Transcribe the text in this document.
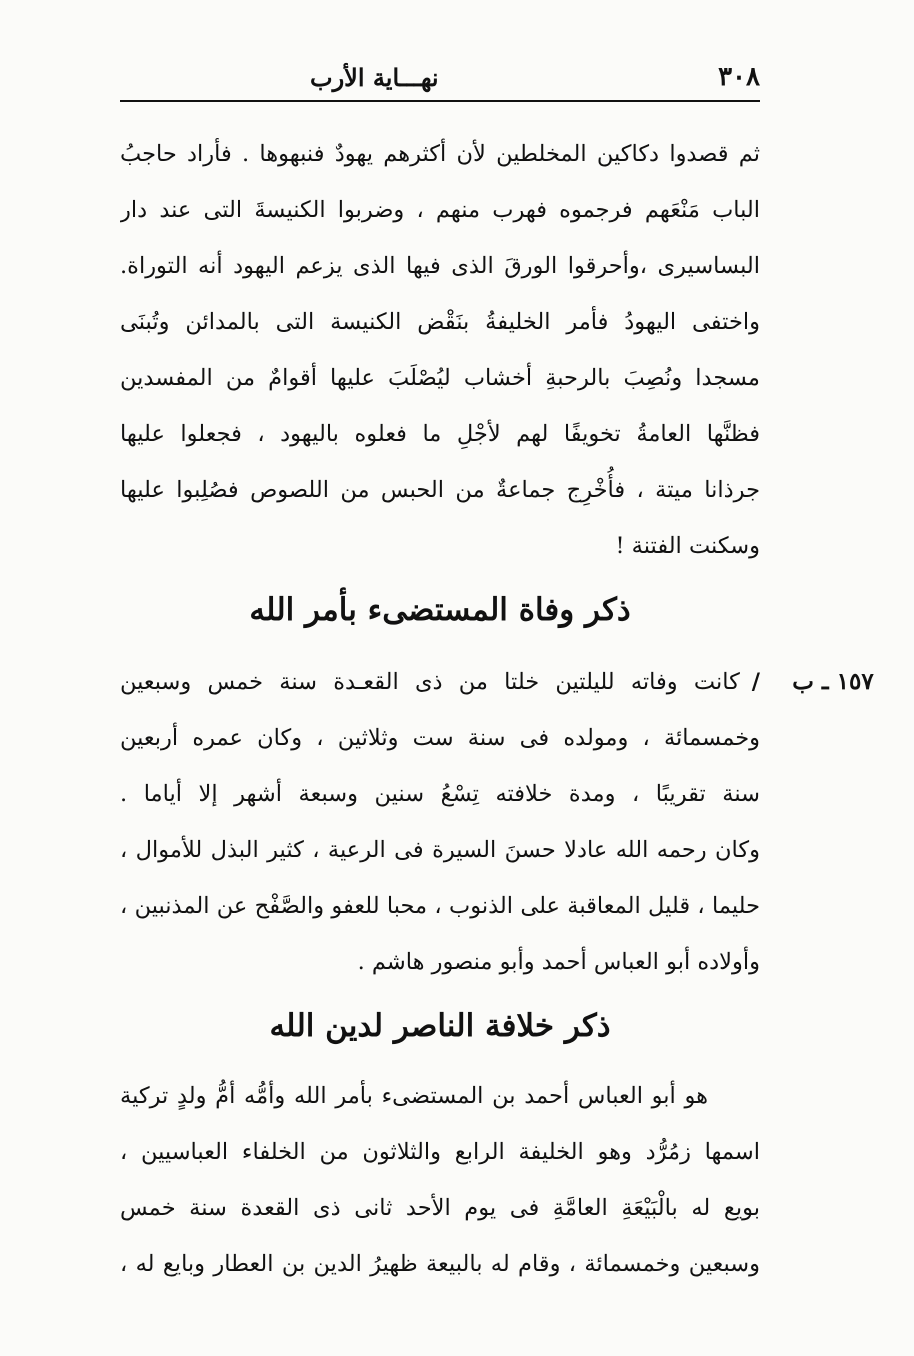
٣٠٨
نهـــاية الأرب
ثم قصدوا دكاكين المخلطين لأن أكثرهم يهودٌ فنبهوها . فأراد حاجبُ
الباب مَنْعَهم فرجموه فهرب منهم ، وضربوا الكنيسةَ التى عند دار
البساسيرى ،وأحرقوا الورقَ الذى فيها الذى يزعم اليهود أنه التوراة.
واختفى اليهودُ فأمر الخليفةُ بنَقْض الكنيسة التى بالمدائن وتُبنَى
مسجدا ونُصِبَ بالرحبةِ أخشاب ليُصْلَبَ عليها أقوامٌ من المفسدين
فظنَّها العامةُ تخويفًا لهم لأجْلِ ما فعلوه باليهود ، فجعلوا عليها
جرذانا ميتة ، فأُخْرِج جماعةٌ من الحبس من اللصوص فصُلِبوا عليها
وسكنت الفتنة !
ذكر وفاة المستضىء بأمر الله
١٥٧ ـ ب
/كانت وفاته لليلتين خلتا من ذى القعـدة سنة خمس وسبعين
وخمسمائة ، ومولده فى سنة ست وثلاثين ، وكان عمره أربعين
سنة تقريبًا ، ومدة خلافته تِسْعُ سنين وسبعة أشهر إلا أياما .
وكان رحمه الله عادلا حسنَ السيرة فى الرعية ، كثير البذل للأموال ،
حليما ، قليل المعاقبة على الذنوب ، محبا للعفو والصَّفْح عن المذنبين ،
وأولاده أبو العباس أحمد وأبو منصور هاشم .
ذكر خلافة الناصر لدين الله
هو أبو العباس أحمد بن المستضىء بأمر الله وأمُّه أمُّ ولدٍ تركية
اسمها زمُرُّد وهو الخليفة الرابع والثلاثون من الخلفاء العباسيين ،
بويع له بالْبَيْعَةِ العامَّةِ فى يوم الأحد ثانى ذى القعدة سنة خمس
وسبعين وخمسمائة ، وقام له بالبيعة ظهيرُ الدين بن العطار وبايع له ،
